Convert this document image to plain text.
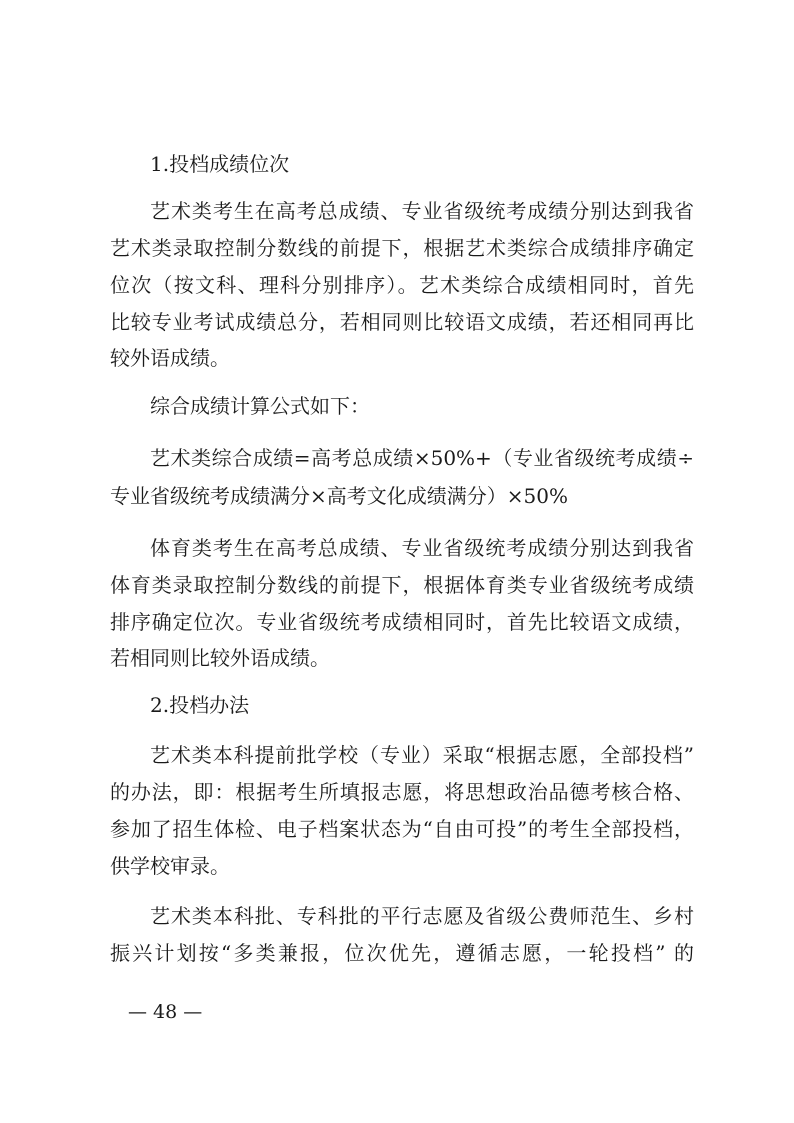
1.投档成绩位次
艺术类考生在高考总成绩、专业省级统考成绩分别达到我省
艺术类录取控制分数线的前提下，根据艺术类综合成绩排序确定
位次（按文科、理科分别排序）。艺术类综合成绩相同时，首先
比较专业考试成绩总分，若相同则比较语文成绩，若还相同再比
较外语成绩。
综合成绩计算公式如下：
艺术类综合成绩=高考总成绩×50%+（专业省级统考成绩÷
专业省级统考成绩满分×高考文化成绩满分）×50%
体育类考生在高考总成绩、专业省级统考成绩分别达到我省
体育类录取控制分数线的前提下，根据体育类专业省级统考成绩
排序确定位次。专业省级统考成绩相同时，首先比较语文成绩，
若相同则比较外语成绩。
2.投档办法
艺术类本科提前批学校（专业）采取“根据志愿，全部投档”
的办法，即：根据考生所填报志愿，将思想政治品德考核合格、
参加了招生体检、电子档案状态为“自由可投”的考生全部投档，
供学校审录。
艺术类本科批、专科批的平行志愿及省级公费师范生、乡村
振兴计划按“多类兼报，位次优先，遵循志愿，一轮投档” 的
— 48 —
